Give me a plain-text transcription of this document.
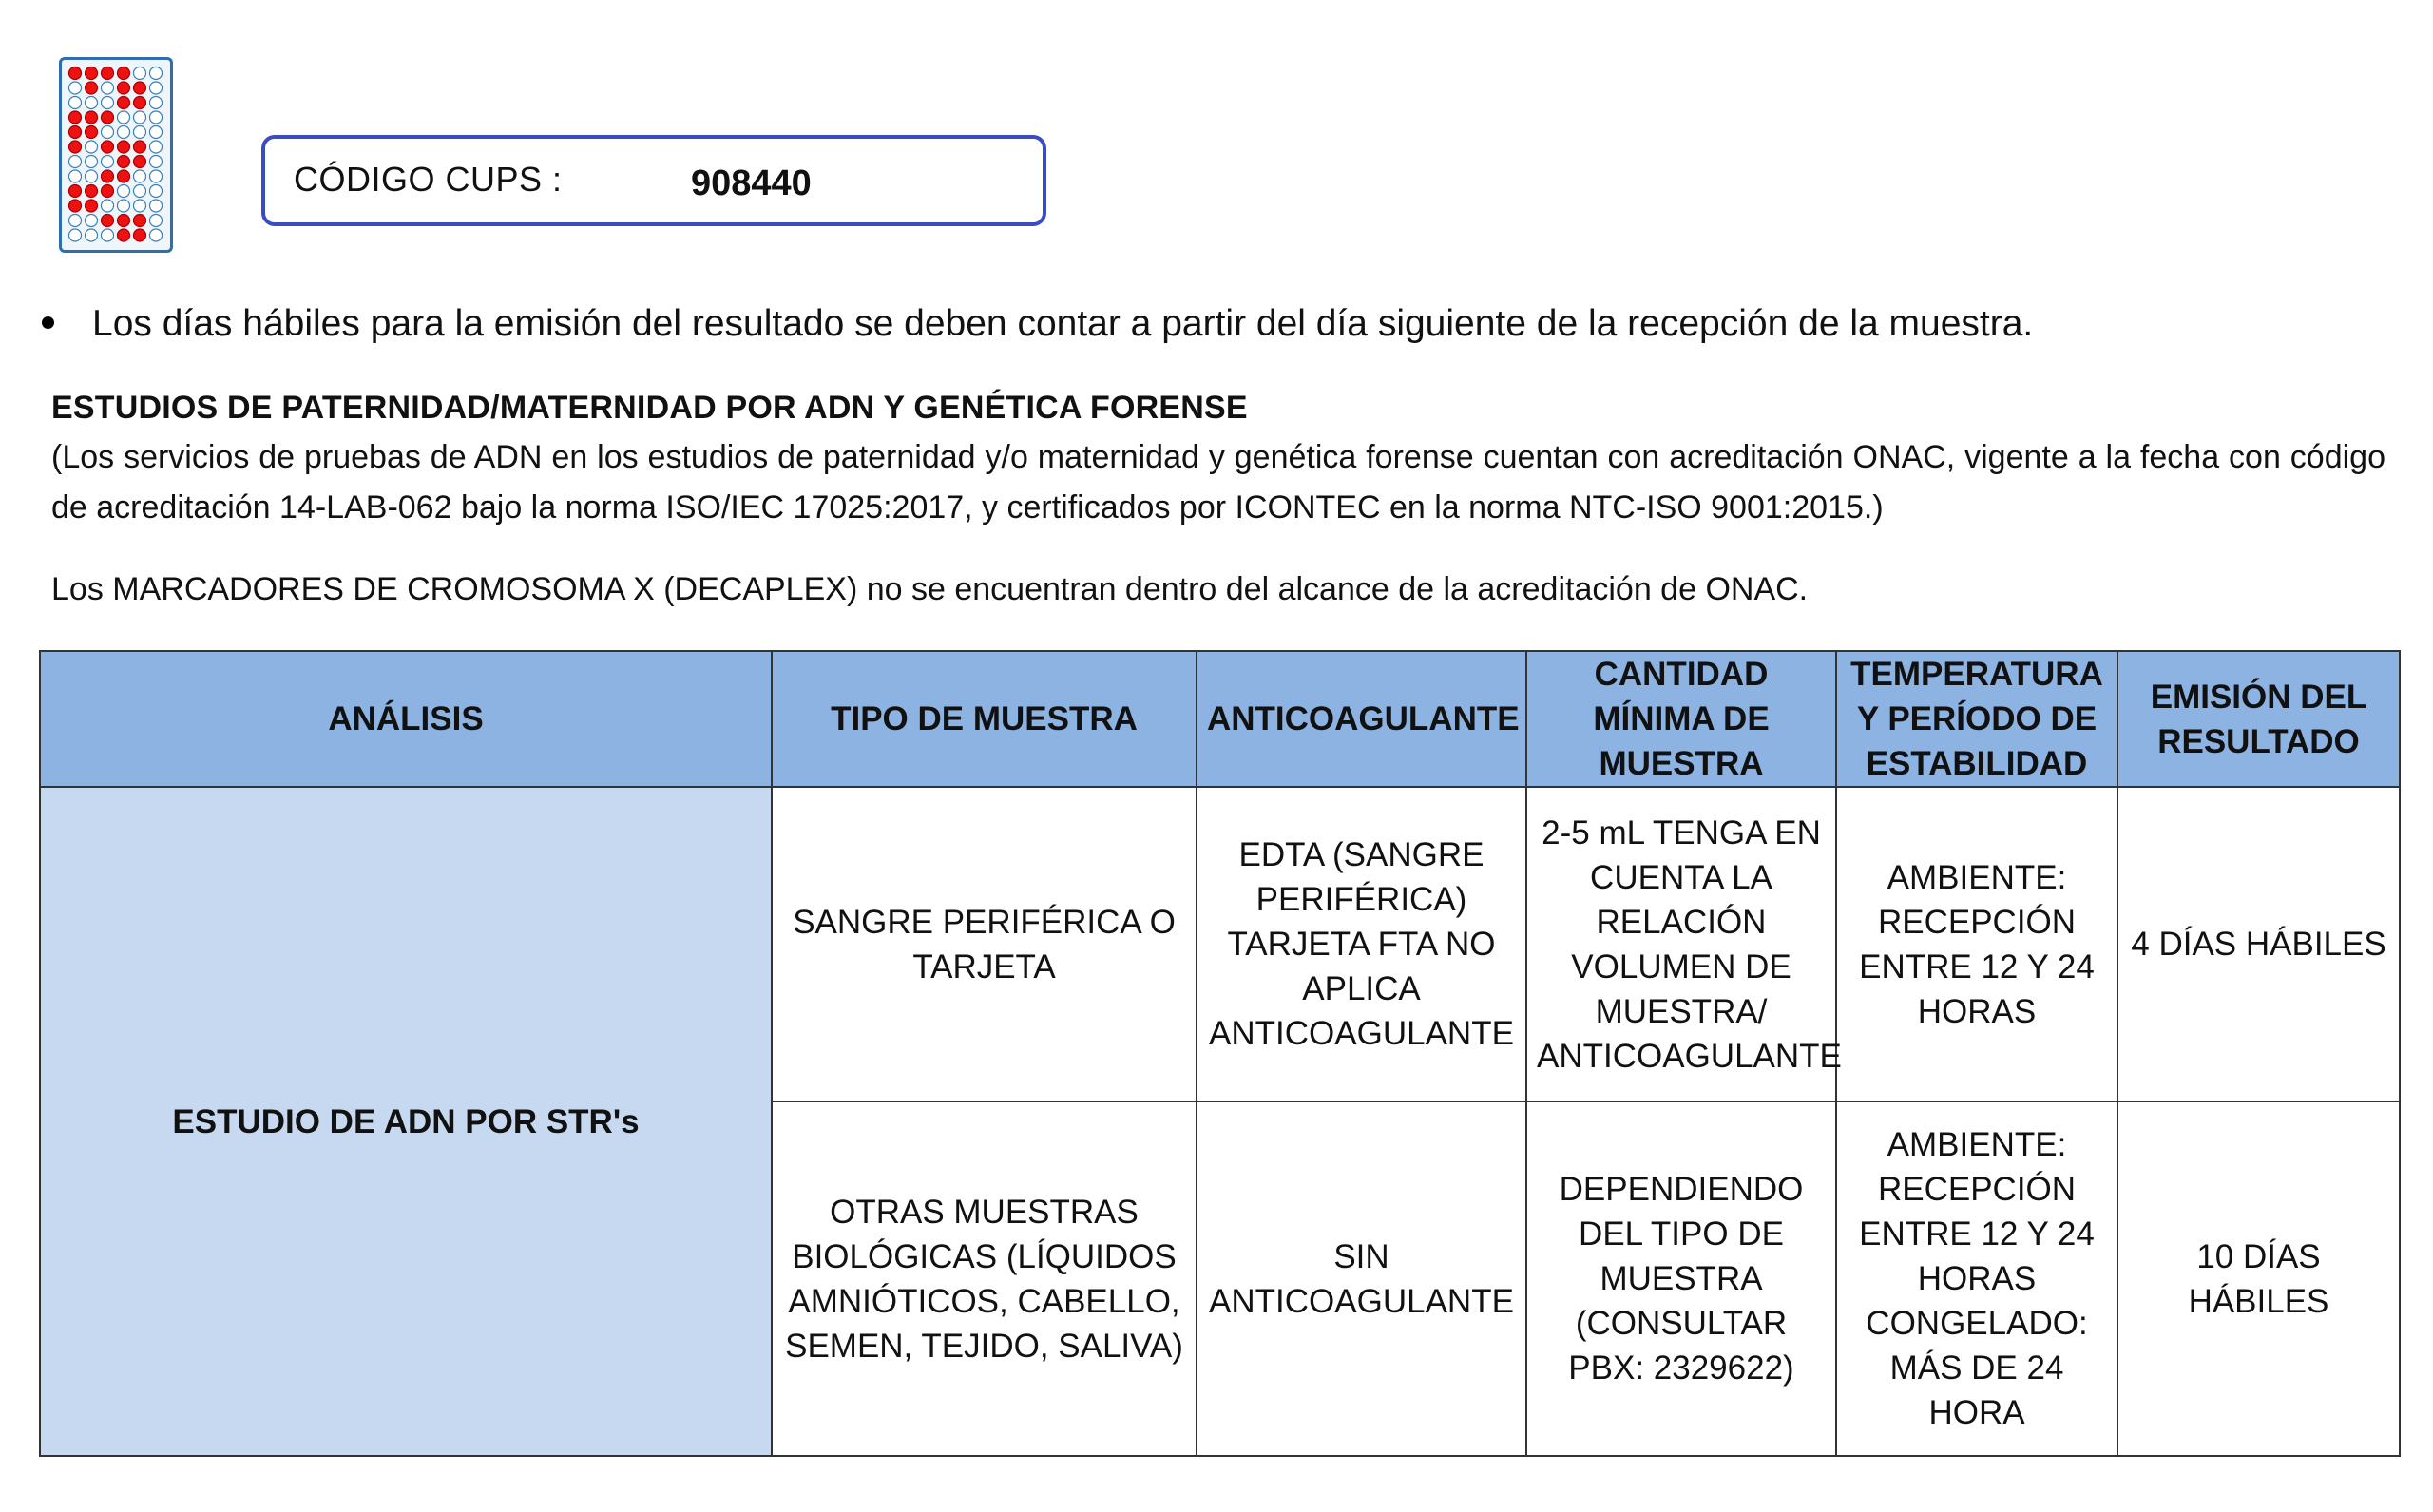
CÓDIGO CUPS :	908440
Los días hábiles para la emisión del resultado se deben contar a partir del día siguiente de la recepción de la muestra.
ESTUDIOS DE PATERNIDAD/MATERNIDAD POR ADN Y GENÉTICA FORENSE
(Los servicios de pruebas de ADN en los estudios de paternidad y/o maternidad y genética forense cuentan con acreditación ONAC, vigente a la fecha con código de acreditación 14-LAB-062 bajo la norma ISO/IEC 17025:2017, y certificados por ICONTEC en la norma NTC-ISO 9001:2015.)
Los MARCADORES DE CROMOSOMA X (DECAPLEX) no se encuentran dentro del alcance de la acreditación de ONAC.
ANÁLISIS	TIPO DE MUESTRA	ANTICOAGULANTE	CANTIDAD MÍNIMA DE MUESTRA	TEMPERATURA Y PERÍODO DE ESTABILIDAD	EMISIÓN DEL RESULTADO
ESTUDIO DE ADN POR STR's	SANGRE PERIFÉRICA O TARJETA	EDTA (SANGRE PERIFÉRICA) TARJETA FTA NO APLICA ANTICOAGULANTE	2-5 mL TENGA EN CUENTA LA RELACIÓN VOLUMEN DE MUESTRA/ ANTICOAGULANTE	AMBIENTE: RECEPCIÓN ENTRE 12 Y 24 HORAS	4 DÍAS HÁBILES
	OTRAS MUESTRAS BIOLÓGICAS (LÍQUIDOS AMNIÓTICOS, CABELLO, SEMEN, TEJIDO, SALIVA)	SIN ANTICOAGULANTE	DEPENDIENDO DEL TIPO DE MUESTRA (CONSULTAR PBX: 2329622)	AMBIENTE: RECEPCIÓN ENTRE 12 Y 24 HORAS CONGELADO: MÁS DE 24 HORA	10 DÍAS HÁBILES
